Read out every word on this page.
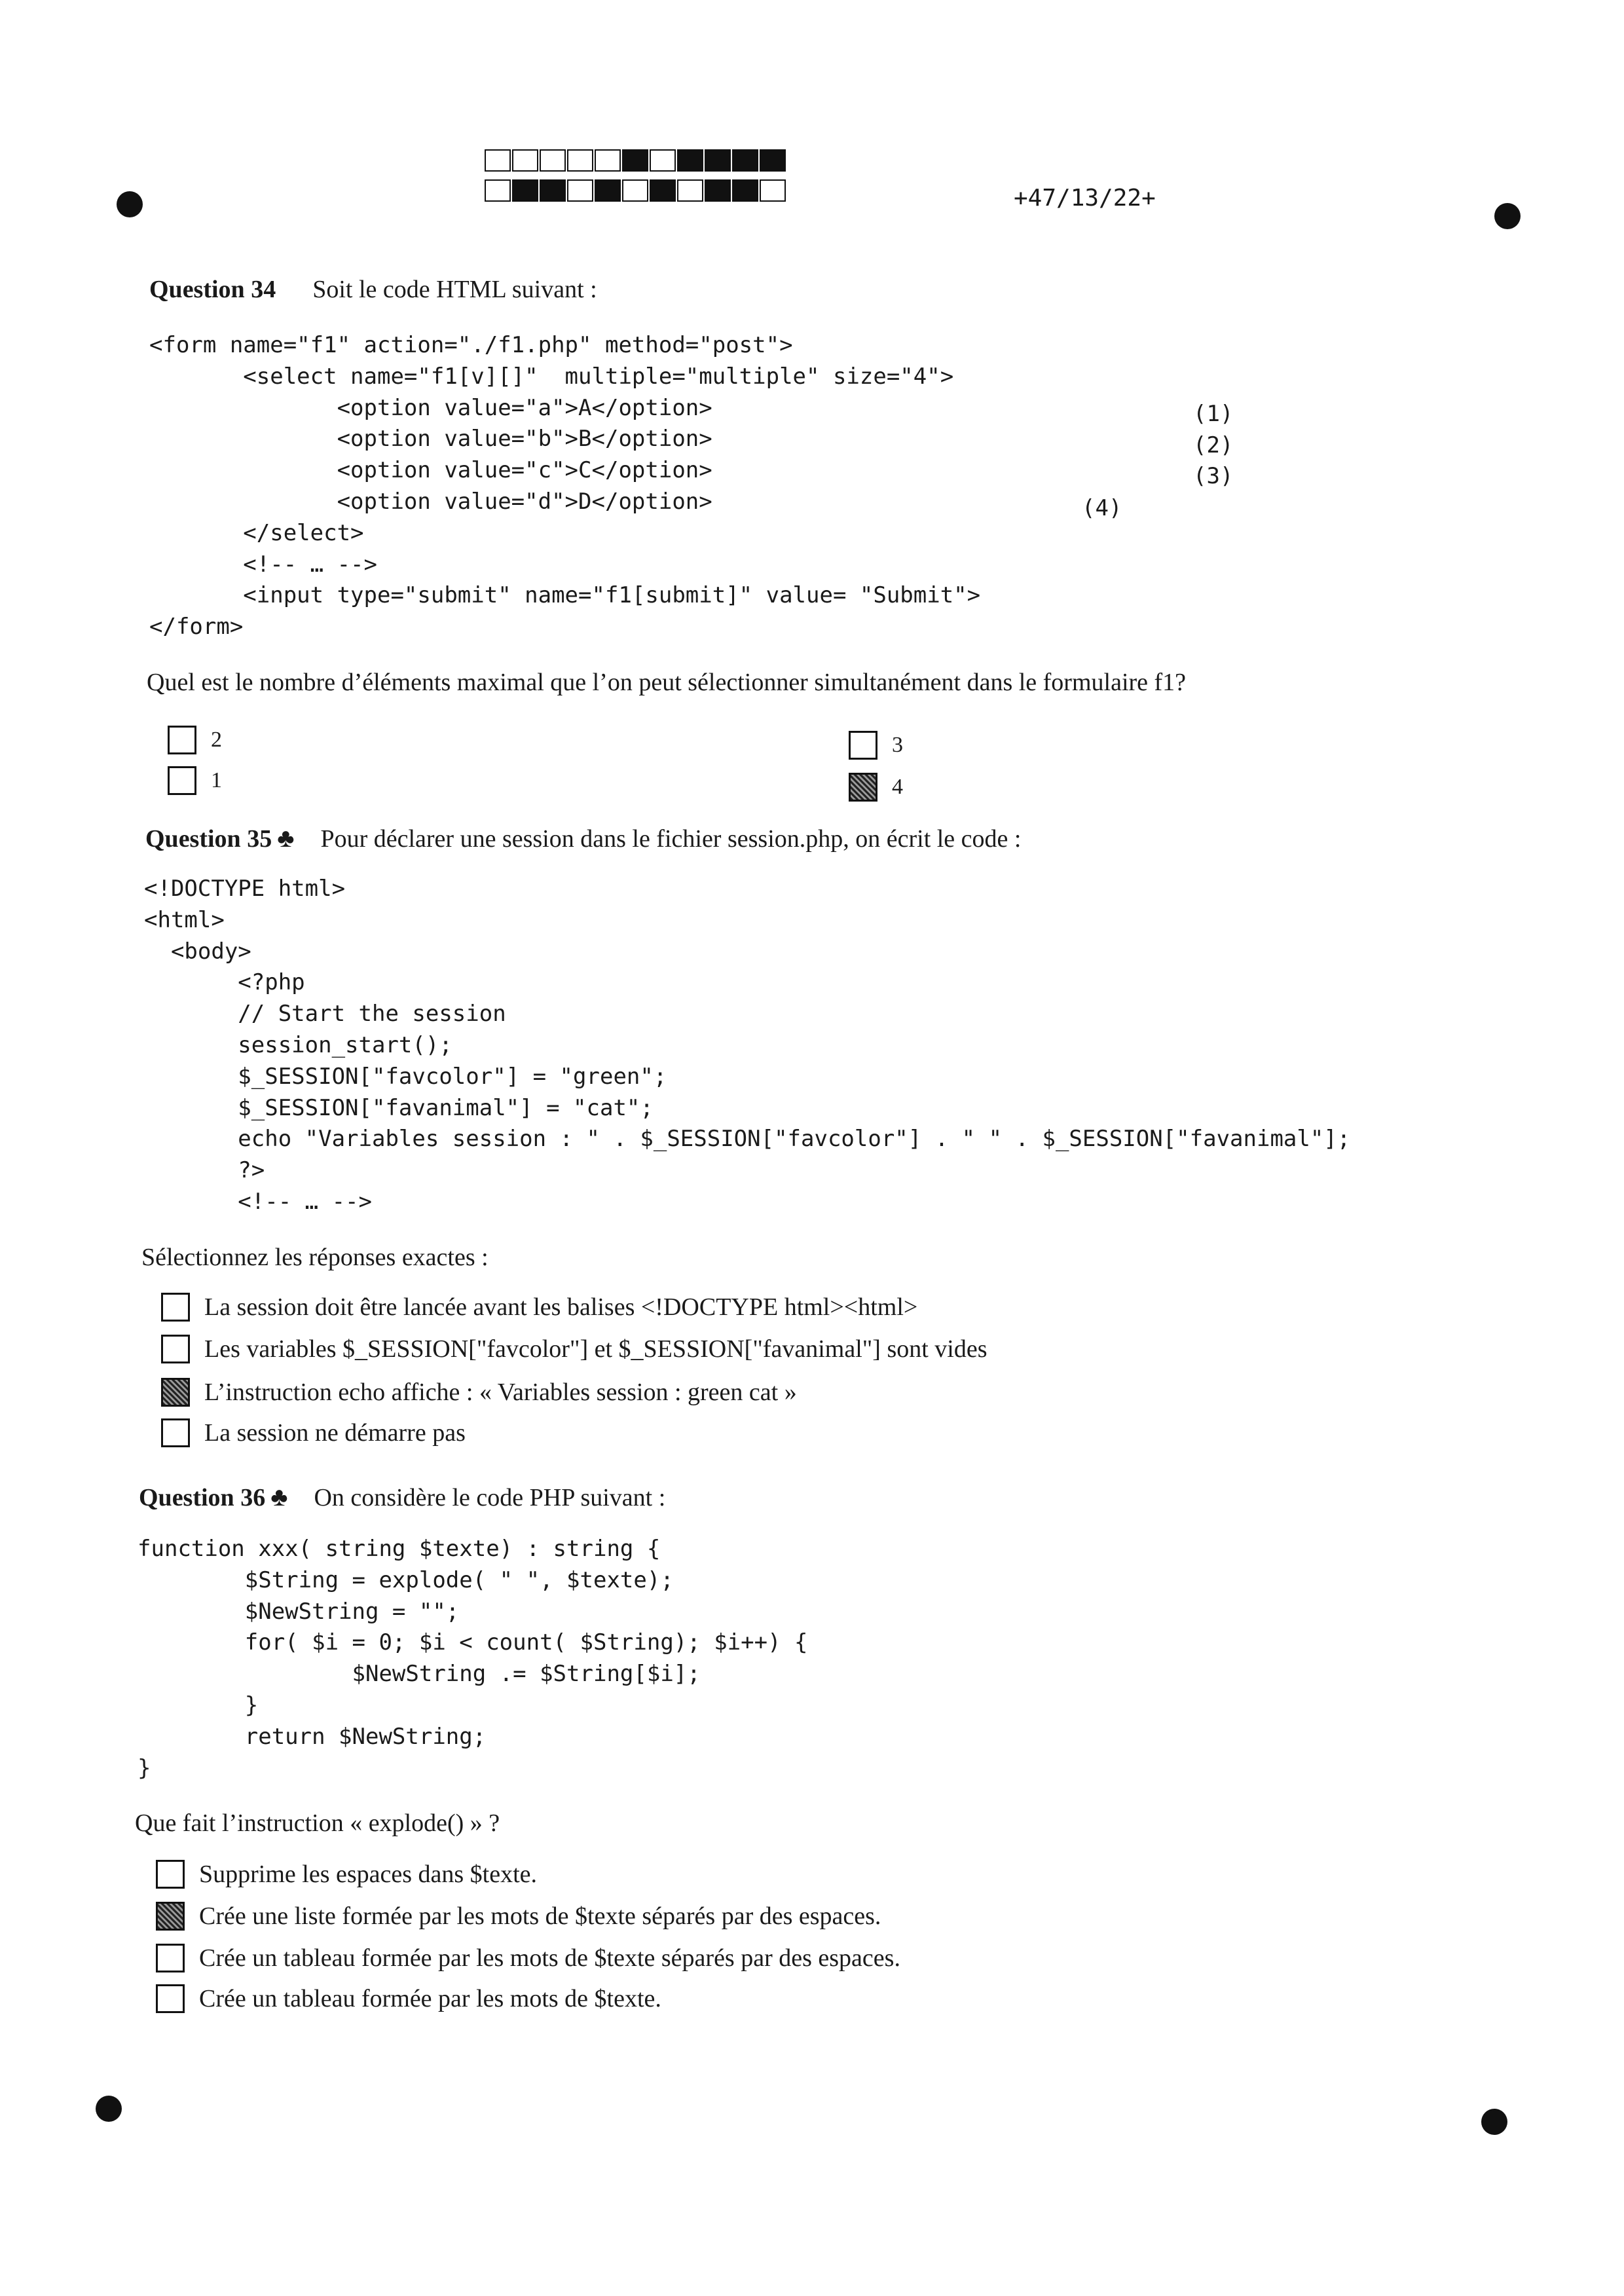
+47/13/22+
Question 34 Soit le code HTML suivant :
<form name="f1" action="./f1.php" method="post">
<select name="f1[v][]"  multiple="multiple" size="4">
<option value="a">A</option>
<option value="b">B</option>
<option value="c">C</option>
<option value="d">D</option>
</select>
<!-- … -->
<input type="submit" name="f1[submit]" value= "Submit">
</form>
(1)
(2)
(3)
(4)
Quel est le nombre d’éléments maximal que l’on peut sélectionner simultanément dans le formulaire f1?
2
1
3
4
Question 35 ♣ Pour déclarer une session dans le fichier session.php, on écrit le code :
<!DOCTYPE html>
<html>
<body>
<?php
// Start the session
session_start();
$_SESSION["favcolor"] = "green";
$_SESSION["favanimal"] = "cat";
echo "Variables session : " . $_SESSION["favcolor"] . " " . $_SESSION["favanimal"];
?>
<!-- … -->
Sélectionnez les réponses exactes :
La session doit être lancée avant les balises <!DOCTYPE html><html>
Les variables $_SESSION["favcolor"] et $_SESSION["favanimal"] sont vides
L’instruction echo affiche : « Variables session : green cat »
La session ne démarre pas
Question 36 ♣ On considère le code PHP suivant :
function xxx( string $texte) : string {
$String = explode( " ", $texte);
$NewString = "";
for( $i = 0; $i < count( $String); $i++) {
$NewString .= $String[$i];
}
return $NewString;
}
Que fait l’instruction « explode() » ?
Supprime les espaces dans $texte.
Crée une liste formée par les mots de $texte séparés par des espaces.
Crée un tableau formée par les mots de $texte séparés par des espaces.
Crée un tableau formée par les mots de $texte.
